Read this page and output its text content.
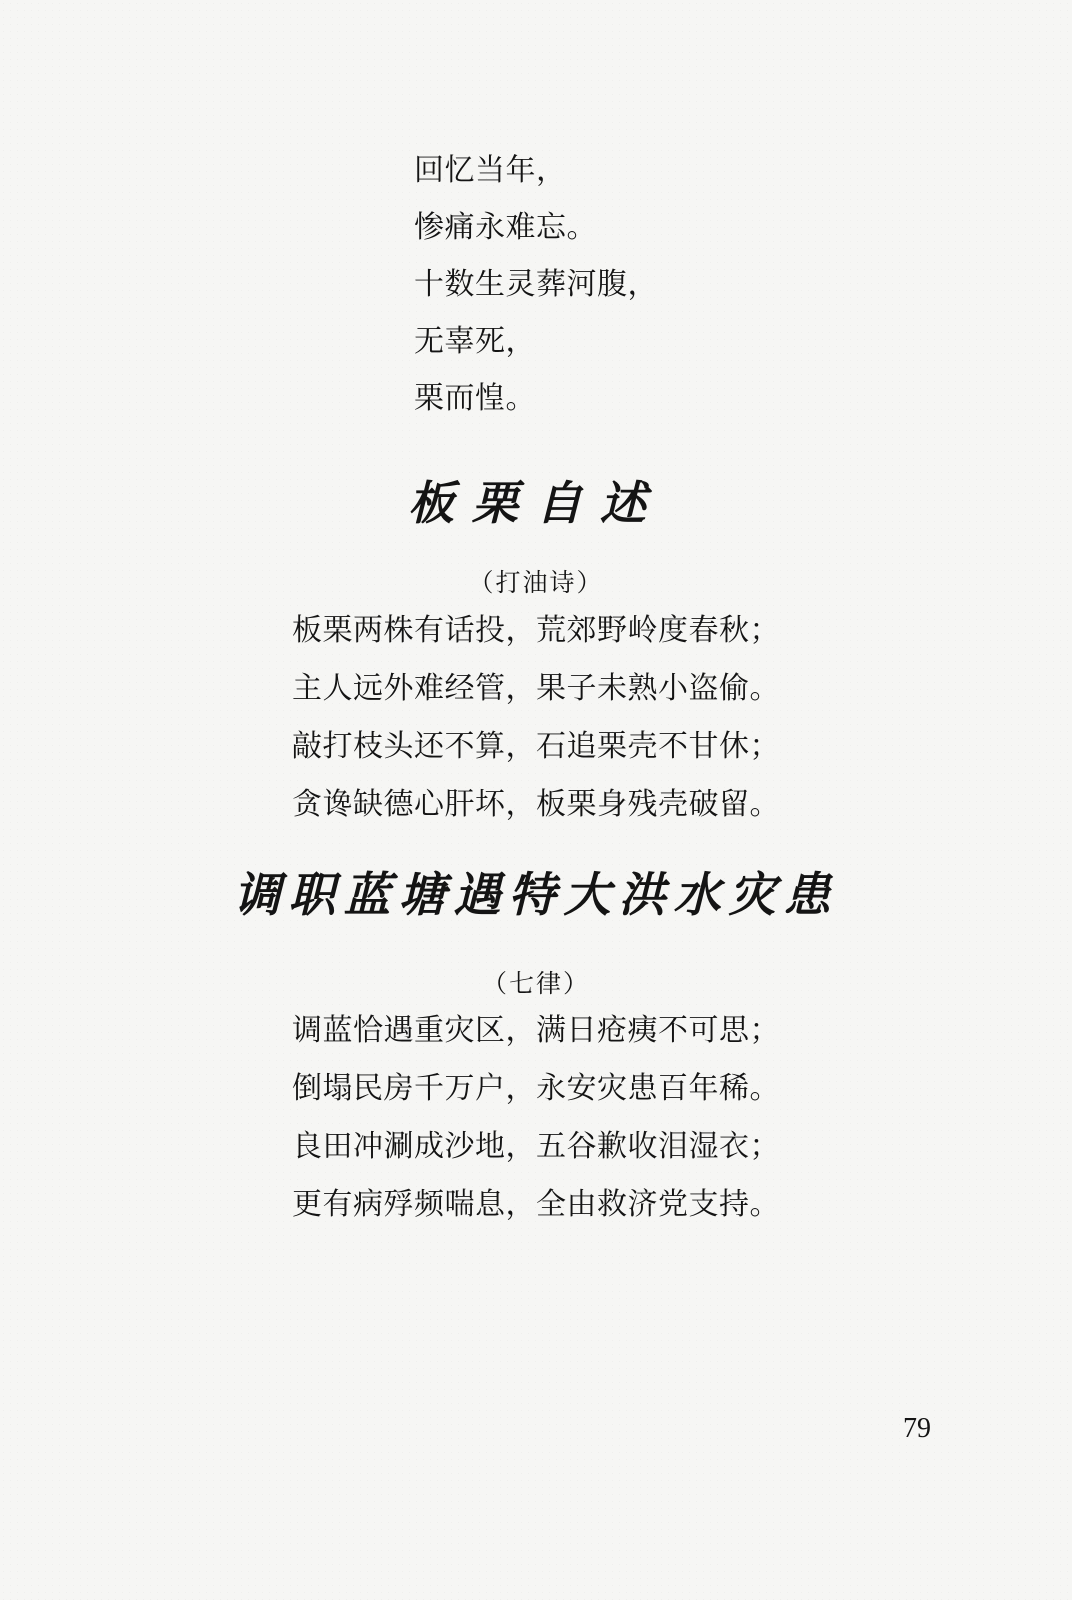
回忆当年，
惨痛永难忘。
十数生灵葬河腹，
无辜死，
栗而惶。
板栗自述
（打油诗）
板栗两株有话投，荒郊野岭度春秋；
主人远外难经管，果子未熟小盗偷。
敲打枝头还不算，石追栗壳不甘休；
贪谗缺德心肝坏，板栗身残壳破留。
调职蓝塘遇特大洪水灾患
（七律）
调蓝恰遇重灾区，满日疮痍不可思；
倒塌民房千万户，永安灾患百年稀。
良田冲涮成沙地，五谷歉收泪湿衣；
更有病殍频喘息，全由救济党支持。
79
